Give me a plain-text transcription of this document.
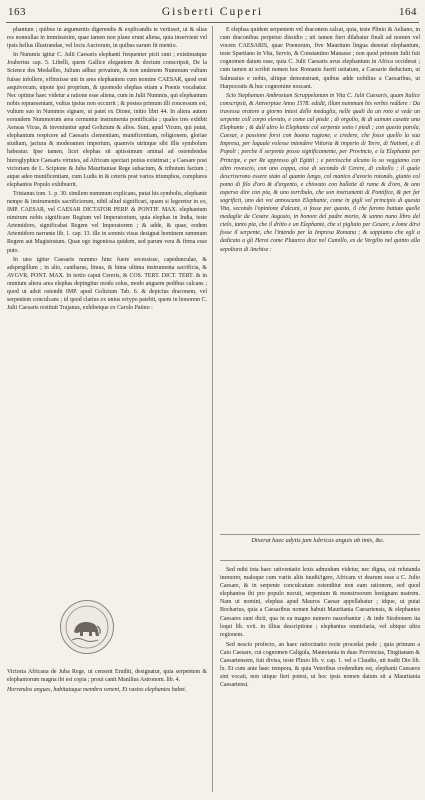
163	Gisberti Cuperi	164

phantum ; quibus in argumentis digerendis & explicandis te veriisset, ut & alias res nonnullas in immissesim, quae tamen non plane erunt aliena, quia inservient vel ipsis hellus illustrandae, vel locis Auctorum, in quibus earum fit mentio.

In Nummis igitur C. Julii Caesaris elephanti frequenter picti sunt ; existimatque Joubertus cap. 5. Libelli, quem Gallice elegantem & doctum conscripsit, De la Science des Medailles, Julium adhuc privatum, & non undenem Nummum vultum fuisse infollere, effinxisse uni in area elephantem cum nomine CAESAR, quod erat aequivocum, utpote ipsi proprium, & quomodo elephas etiam a Poenis vocabatur. Nec optime haec videtur a ratione esse aliena, cum in Julii Nummis, qui elephantum nobis repraesentant, vultus ipsius non occurrit ; & postea primum illi concessum est, vultum suo in Nummos signare, ut patet ex Dione, initio libri 44. In altera autem eorundem Nummorum area cernuntur instrumenta pontificalia ; quales tres exhibit Aeneas Vicus, & inveniuntur apud Goltzium & alios. Sunt, apud Vicum, qui putat, elephantum respicere ad Caesaris clementiam, munificentiam, religionem, gloriae studium, jactura & moderamen imperium, quamvis utrinque sibi illis symbolum habeatur. Ipse tamen, licet elephas sit aptissimum animal ad ostendendas hieroglyphice Caesaris virtutes, ad Africam spectari potius existimat ; a Caesare post victoriam de L. Scipione & Juba Mauritaniae Rege subactum, & tributum factum ; atque adeo munificentiam, cum Ludis in & ceteris post varios triumphos, complures elephantos Populo exhibuerit.

Tristanus tom. 1. p. 30. similem nummum explicans, putat his symbolis, elephante nempe & instrumentis sacrificiorum, nihil aliud significari, quam si legeretur in eo, IMP. CAESAR, vel CAESAR DICTATOR PERP. & PONTIF. MAX. elephantum nimirum nobis significare Regium vel Imperatorium, quia elephas in India, teste Artemidoro, significabat Regem vel Imperatorem ; & adde, & quae, eodem Artemidoro narrante lib. 1. cap. 13. ille in somnis visus designat hominem summum Regem aut Magistratum. Quae ego ingeniosa quidem, sed parum vera & firma esse puto.

In uno igitur Caesaris nummo hinc fuere secessisse, capedunculae, & adspergillum ; in alio, cantharus, lituus, & bima ultima instrumenta sacrificia, & AVGVR. PONT. MAX. In tertio caput Cereris, & COS. TERT. DICT. TERT. & in omnium altera area elephas depingitur modo solus, modo anguem pedibus calcans ; quod ut adsit ostendit IMP. apud Goltzium Tab. 6. & depictus draconem, vel serpentem conculcans ; id quod clarius ex unius ectypo patebit, quem in honorem C. Julii Caesaris restituit Trajanus, exhibetque ex Carolo Patino :

Victoria Africana de Juba Rege, ut censent Eruditi, designatur, quia serpentem & elephantorum magna ibi est copia ; prout canit Manilius Astronom. lib. 4.

Horrendos angues, habitataque membra veneni, Et vastos elephantes habet.

E elephas quidem serpentem vel draconem calcat, quia, teste Plinio & Aeliano, in cum draconibus perpetuo dissidio ; uti tamen fieri dilabatur finali ad nomen vel vocem CAESARIS, quae Poenorum, five Mauritum lingua denotat elephantum, teste Spartiano in Vita, Servio, & Constantino Manasse ; non quod primum Julii fuit cognomen datum esse, quia C. Julii Caesaris avus elephantum in Africa occiderat ; cum tamen ut scribit nomen hoc Romanis fuerit usitatum, a Caesarie deductum, ut Salmasius e nobis, aliique demonstrant, quibus adde nobilius a Caesaribus, ut Harpocratis & huc cognomine noscant.

Scio Stephanum Ambrosium Scruppelanum in Vita C. Julii Caesaris, quam Italice conscripsit, & Antverpiae Anno 1578. edidit, illum nummum his verbis reddere : Da travessa oratore a giorno intesi dello medaglia, nelle quali da un roto si vede un serpente coll corpo elevato, e come cal piede ; di orgolio, & di suinum casette una Elephante ; & dall altro lo Elephante col serpente sotto i piedi ; con questo parola, Caesar, e passione forsi con buona ragione, e credere, che fosse quello la sua Impresa, per laquale volesse intendere Vittoria & imperio di Terre, di Nationi, e di Popoli ; perche il serpente posso significamente, per Provincie, e la Elephante per Principe, e per Re appresso gli Egittii ; e perciocche alcuno lo so veggiamo con altro rovescio, con uno coppa, cioe di secondo di Cerere, di coltello ; il quale descriverono essere stato al quanto lungo, col manico d'avorio rotondo, giunto col pomo di filo d'oro & d'argento, e chiovato con bullette di rame & d'oro, & uno asperso dire con pia, & uno torribulo, che son instrumenti di Pontifice, & per far sagrificii, uno dei voi annoscano Elephante, come in gigli vel principio di questa Vita, secondo l'opinione d'alcuni, si fosse per questo, il che furono battute quelle medaglie da Cesare Augusto, in honore del padre morto, & sanno nuno libro del cielo, tanto pia, che il dritto e un Elephante, che si pigliato per Cesare, e lome dirsi fosse il serpente, che l'intendo per la Impresa Romana ; & sappiamo che egli a dedicato a gli Heroi come Plutarco dice nel Camillo, ex de Vergilio nel quinto alla sepoltura di Anchise :

Dixerat haec adytis jam lubricus anguis ab imis, &c.

Sed mihi tota haec rativentatio lexis admodum videtur, nec digna, cui refutanda immorer, maloque cum variis aliis iuudii/igere, Africam vi dearum esse a C. Julio Caesare, & in serpente conculcatum ostenditur non eam rationem, sed quod elephantos ibi pro populo nocuit, serpentum & monstroorum benignam matrem. Nam ut nomini, elephas apud Mauros Caesar appellabatur ; idque, ut putat Bochartus, quia a Caesaribus nomen habuit Mauritania Caesariensis, & elephantes Caesares sunt dicti, qua in ea magno numero nascebantur ; & inde Strabonem ita loqui lib. xvii. in illius descriptione ; elephantus omnisfaria, vel ubique ultra regionem.

Sed nescio profecto, an haec ratiocinatio recte procedat pede ; quia primum a Caio Caesare, cui cognomen Caligula, Mauretania in duas Provincias, Tingitanam & Caesariensem, fuit divisa, teste Plinio lib. v. cap. 1. vel a Claudio, uti tradit Dio lib. lx. Et cum ante haec tempora, & quia Veteribus credendum est, elephanti Caesares sint vocati, non utique fieri potest, ut hoc ipsis nomen datum sit a Mauritania Caesariensi.
